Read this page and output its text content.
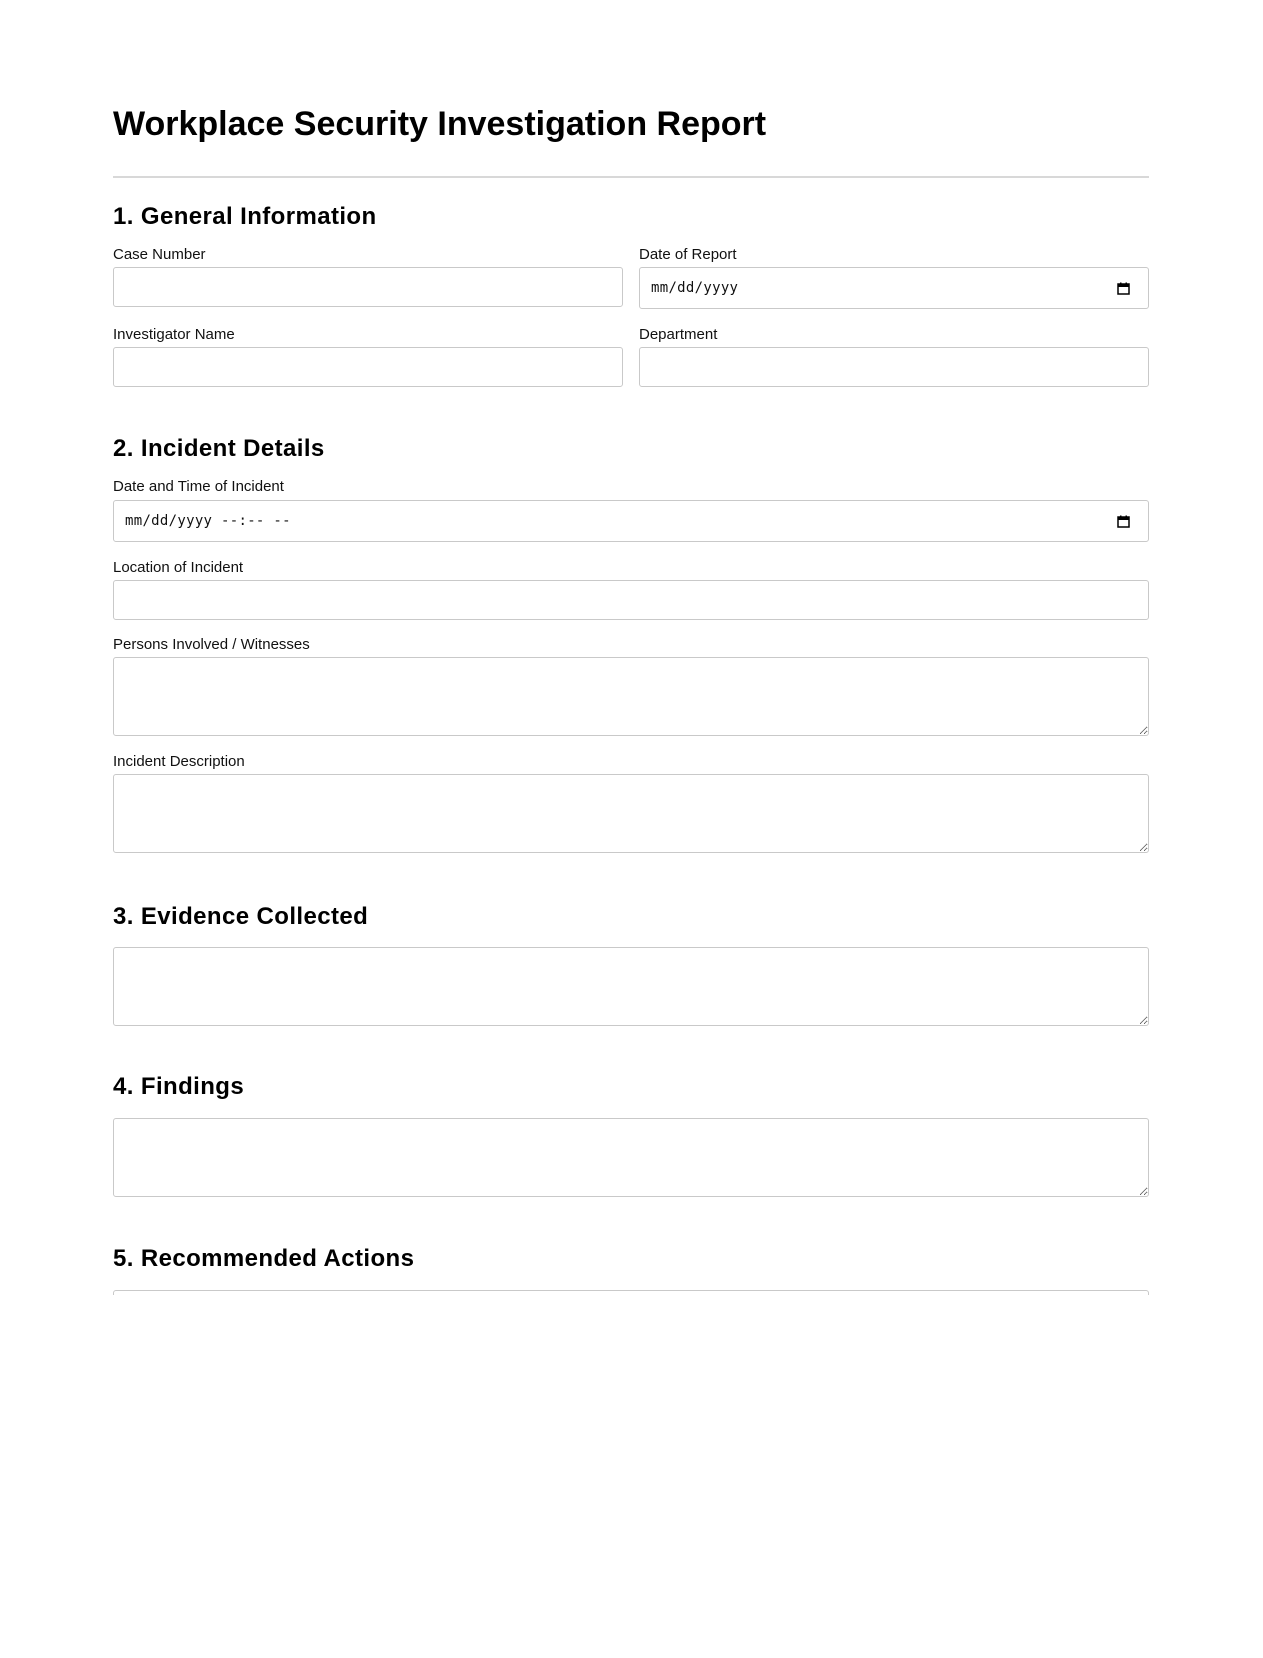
Workplace Security Investigation Report
1. General Information
Case Number	Date of Report
mm/dd/yyyy
Investigator Name	Department
2. Incident Details
Date and Time of Incident
mm/dd/yyyy --:-- --
Location of Incident
Persons Involved / Witnesses
Incident Description
3. Evidence Collected
4. Findings
5. Recommended Actions
